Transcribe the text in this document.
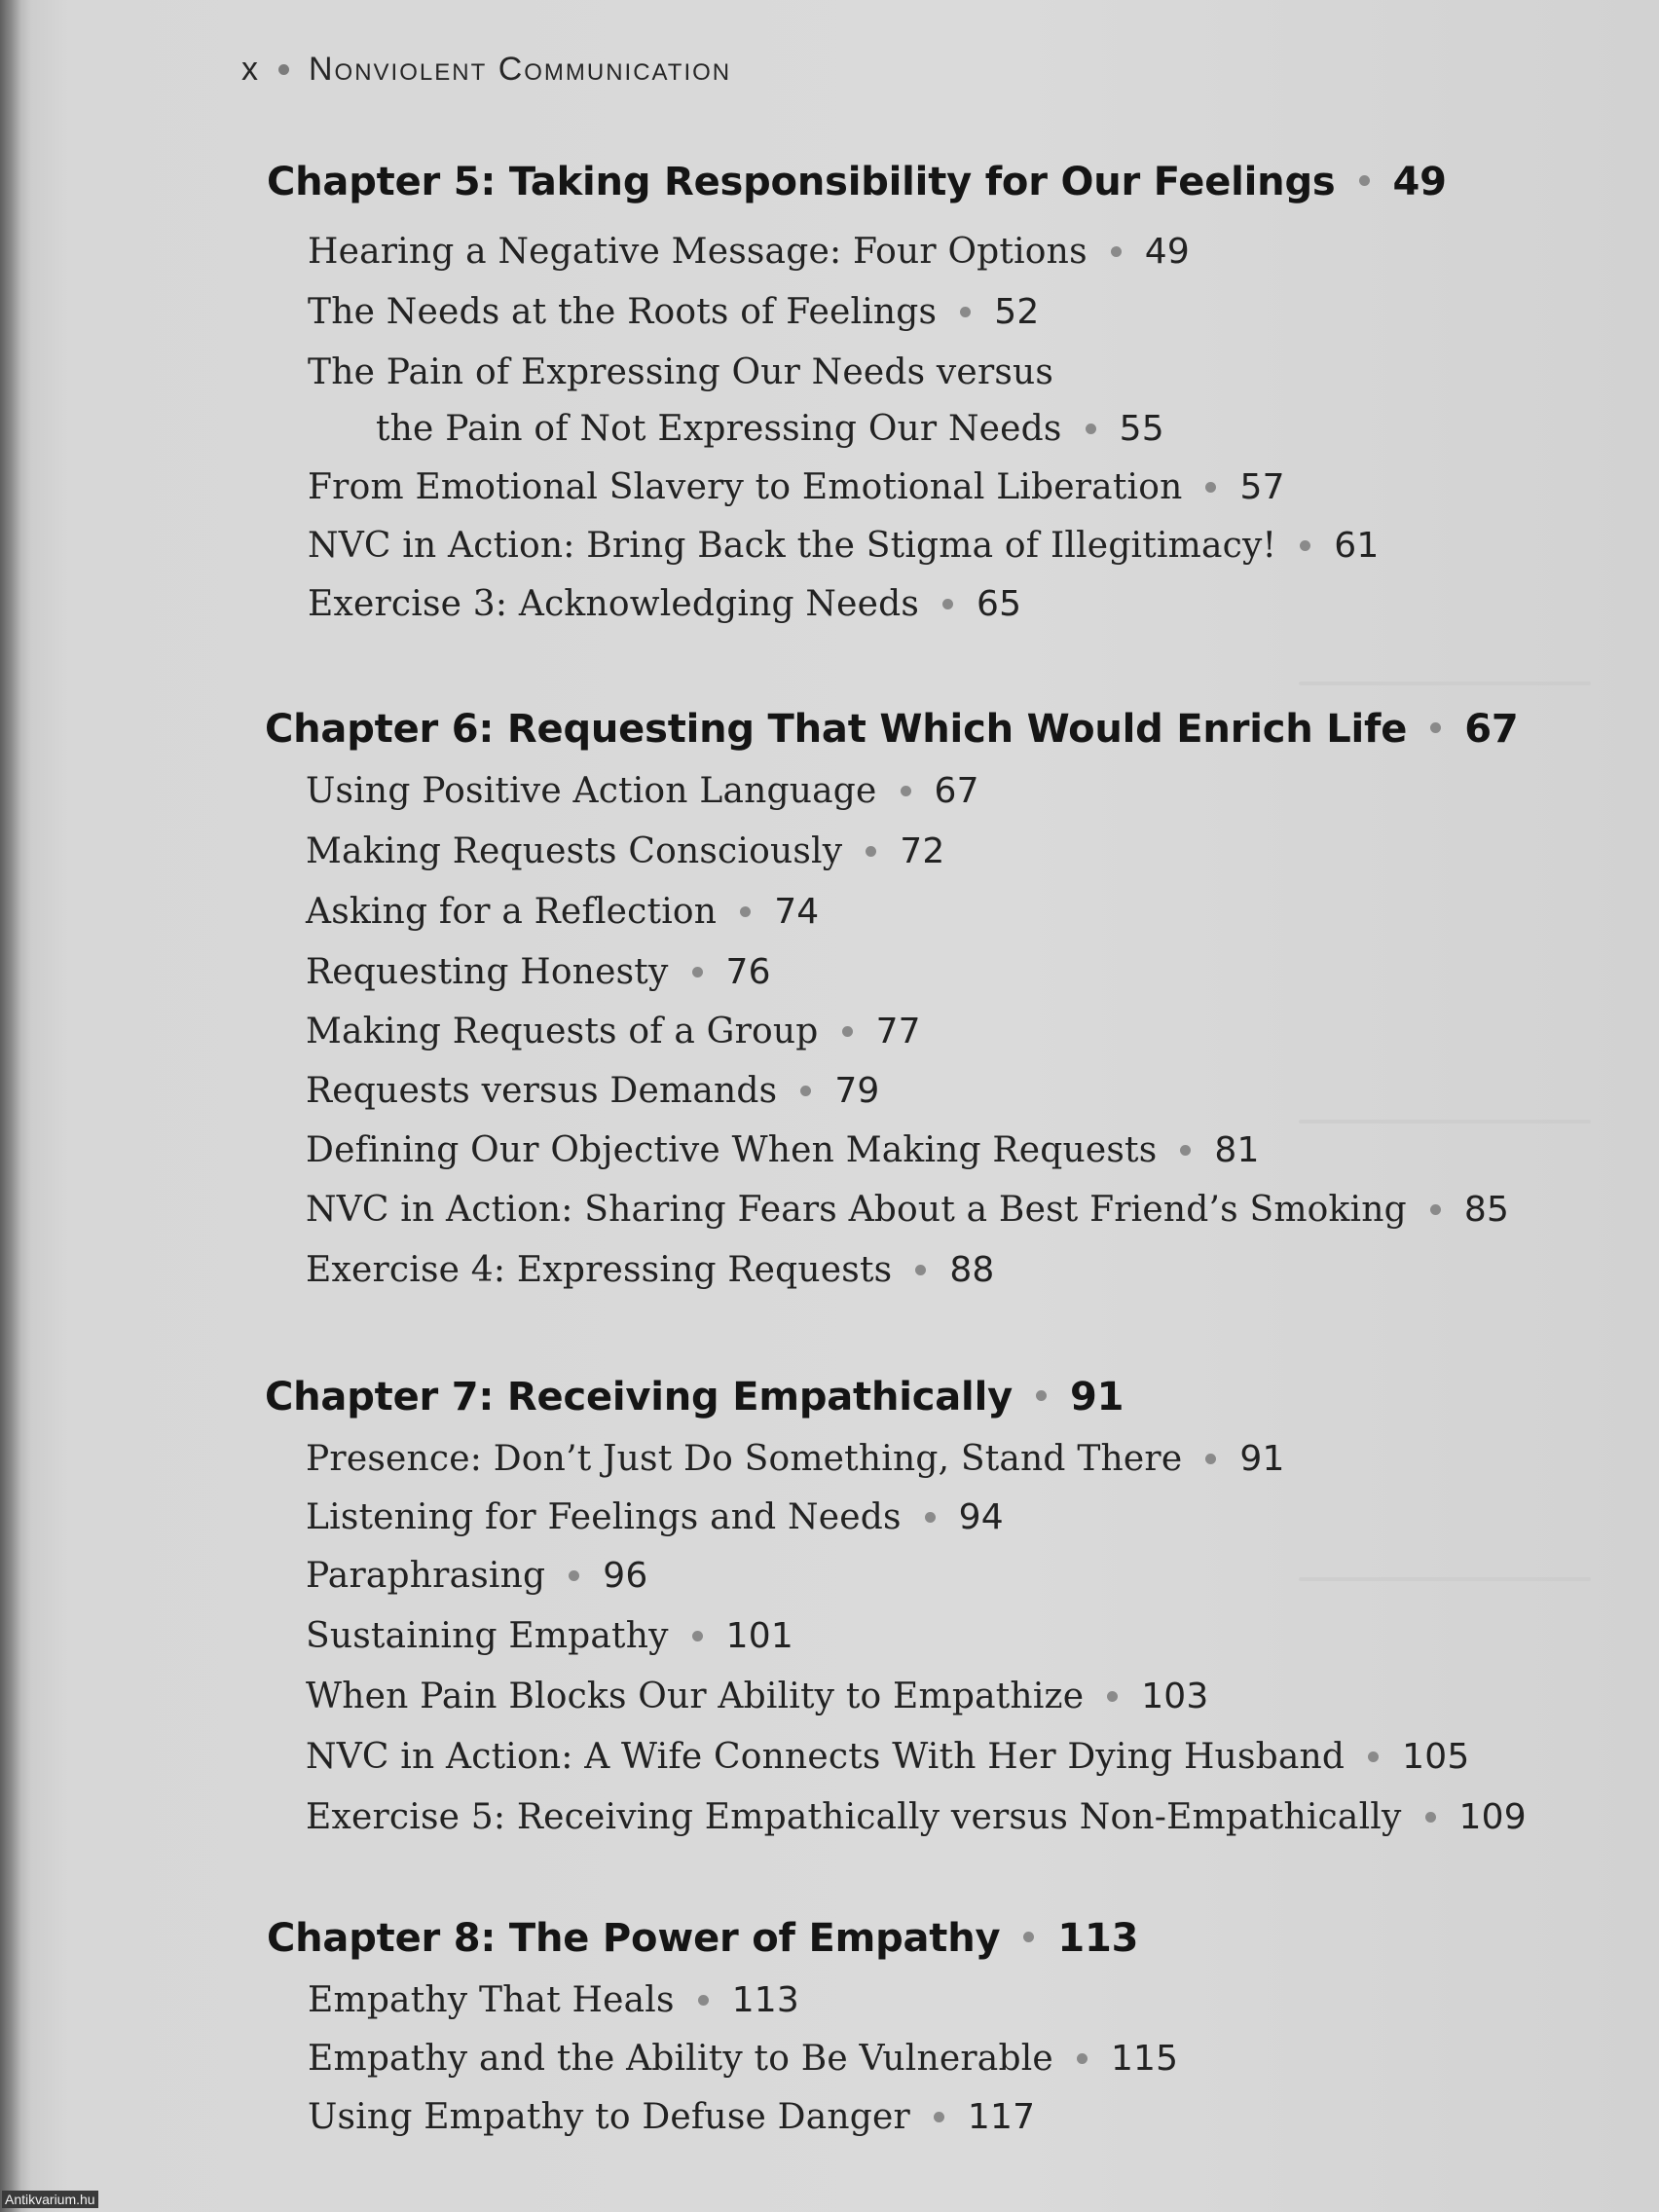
x Nonviolent Communication
Chapter 5: Taking Responsibility for Our Feelings 49
Hearing a Negative Message: Four Options 49
The Needs at the Roots of Feelings 52
The Pain of Expressing Our Needs versus
the Pain of Not Expressing Our Needs 55
From Emotional Slavery to Emotional Liberation 57
NVC in Action: Bring Back the Stigma of Illegitimacy! 61
Exercise 3: Acknowledging Needs 65
Chapter 6: Requesting That Which Would Enrich Life 67
Using Positive Action Language 67
Making Requests Consciously 72
Asking for a Reflection 74
Requesting Honesty 76
Making Requests of a Group 77
Requests versus Demands 79
Defining Our Objective When Making Requests 81
NVC in Action: Sharing Fears About a Best Friend’s Smoking 85
Exercise 4: Expressing Requests 88
Chapter 7: Receiving Empathically 91
Presence: Don’t Just Do Something, Stand There 91
Listening for Feelings and Needs 94
Paraphrasing 96
Sustaining Empathy 101
When Pain Blocks Our Ability to Empathize 103
NVC in Action: A Wife Connects With Her Dying Husband 105
Exercise 5: Receiving Empathically versus Non-Empathically 109
Chapter 8: The Power of Empathy 113
Empathy That Heals 113
Empathy and the Ability to Be Vulnerable 115
Using Empathy to Defuse Danger 117
Antikvarium.hu
